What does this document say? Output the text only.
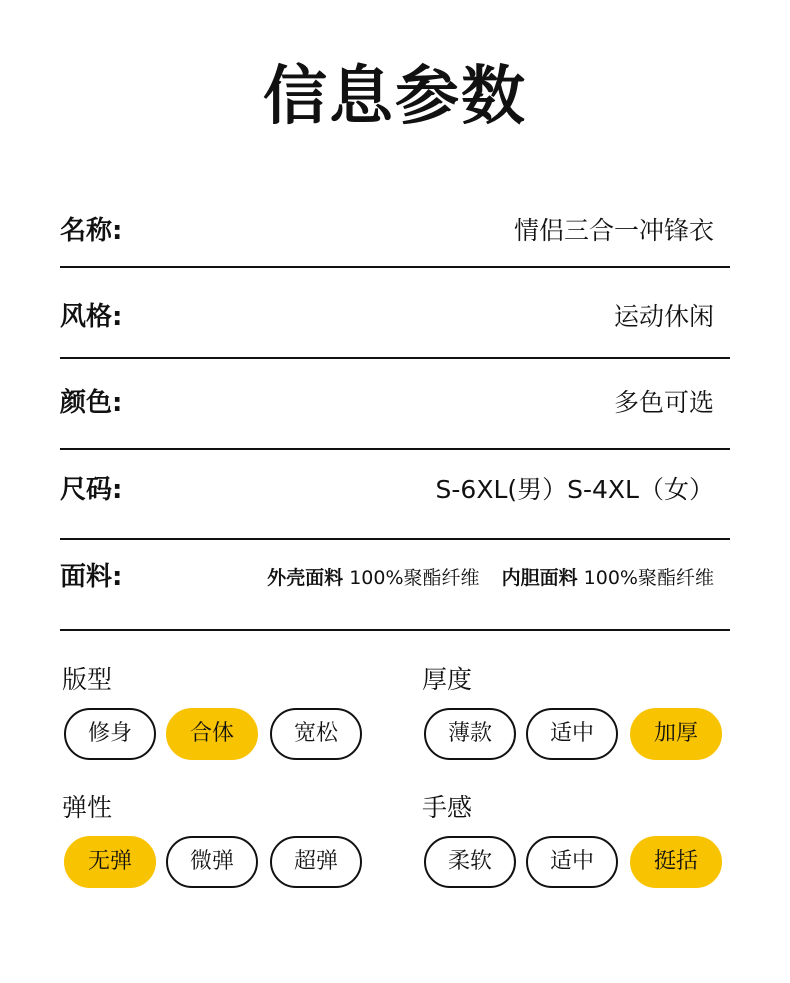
信息参数
名称:	情侣三合一冲锋衣
风格:	运动休闲
颜色:	多色可选
尺码:	S-6XL(男）S-4XL（女）
面料:	外壳面料 100%聚酯纤维 内胆面料 100%聚酯纤维
版型
修身	合体	宽松
厚度
薄款	适中	加厚
弹性
无弹	微弹	超弹
手感
柔软	适中	挺括
